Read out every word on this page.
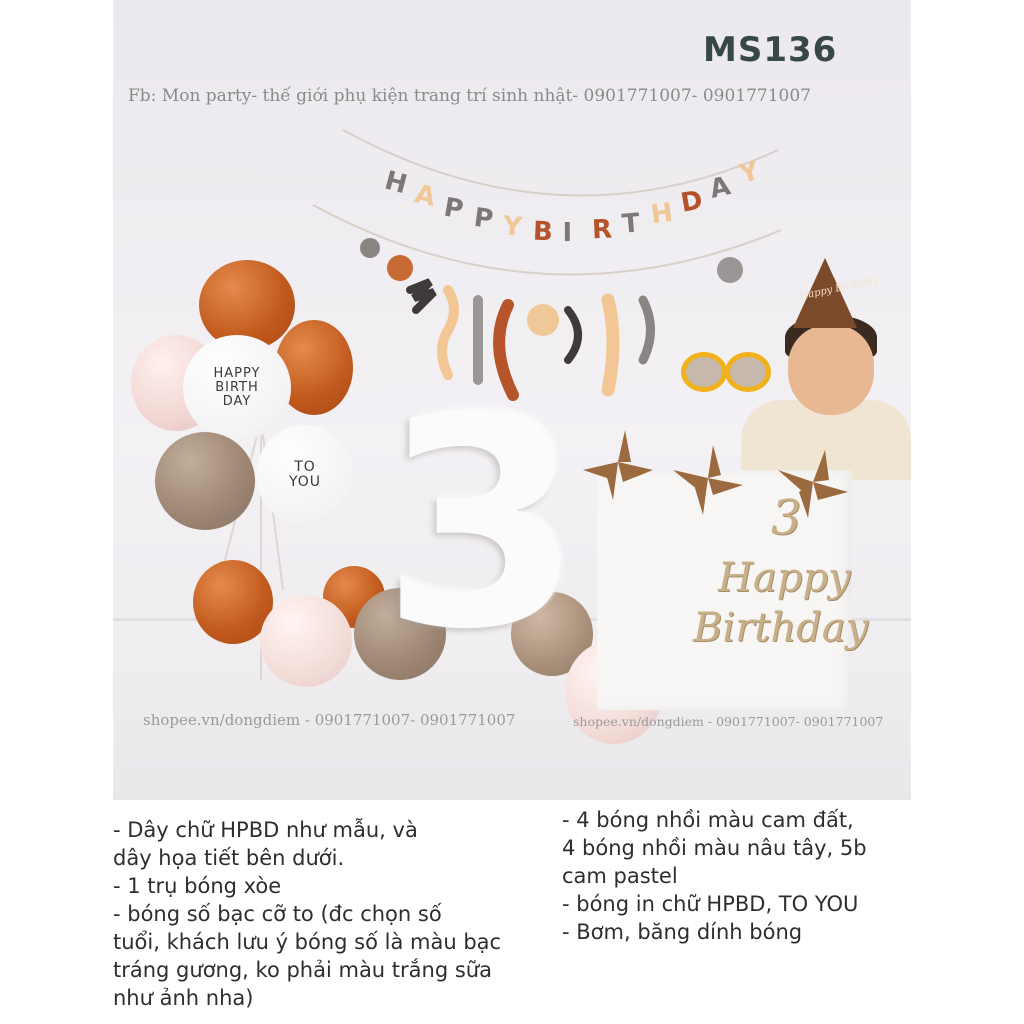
H A P P Y B I R T H D A Y
HAPPY
BIRTH
DAY
TO
YOU 3
Happy Birthday
3
Happy
Birthday

MS136

Fb: Mon party- thế giới phụ kiện trang trí sinh nhật- 0901771007- 0901771007

shopee.vn/dongdiem - 0901771007- 0901771007	shopee.vn/dongdiem - 0901771007- 0901771007
- Dây chữ HPBD như mẫu, và
dây họa tiết bên dưới.
- 1 trụ bóng xòe
- bóng số bạc cỡ to (đc chọn số
tuổi, khách lưu ý bóng số là màu bạc
tráng gương, ko phải màu trắng sữa
như ảnh nha)
- 4 bóng nhồi màu cam đất,
4 bóng nhồi màu nâu tây, 5b
cam pastel
- bóng in chữ HPBD, TO YOU
- Bơm, băng dính bóng
